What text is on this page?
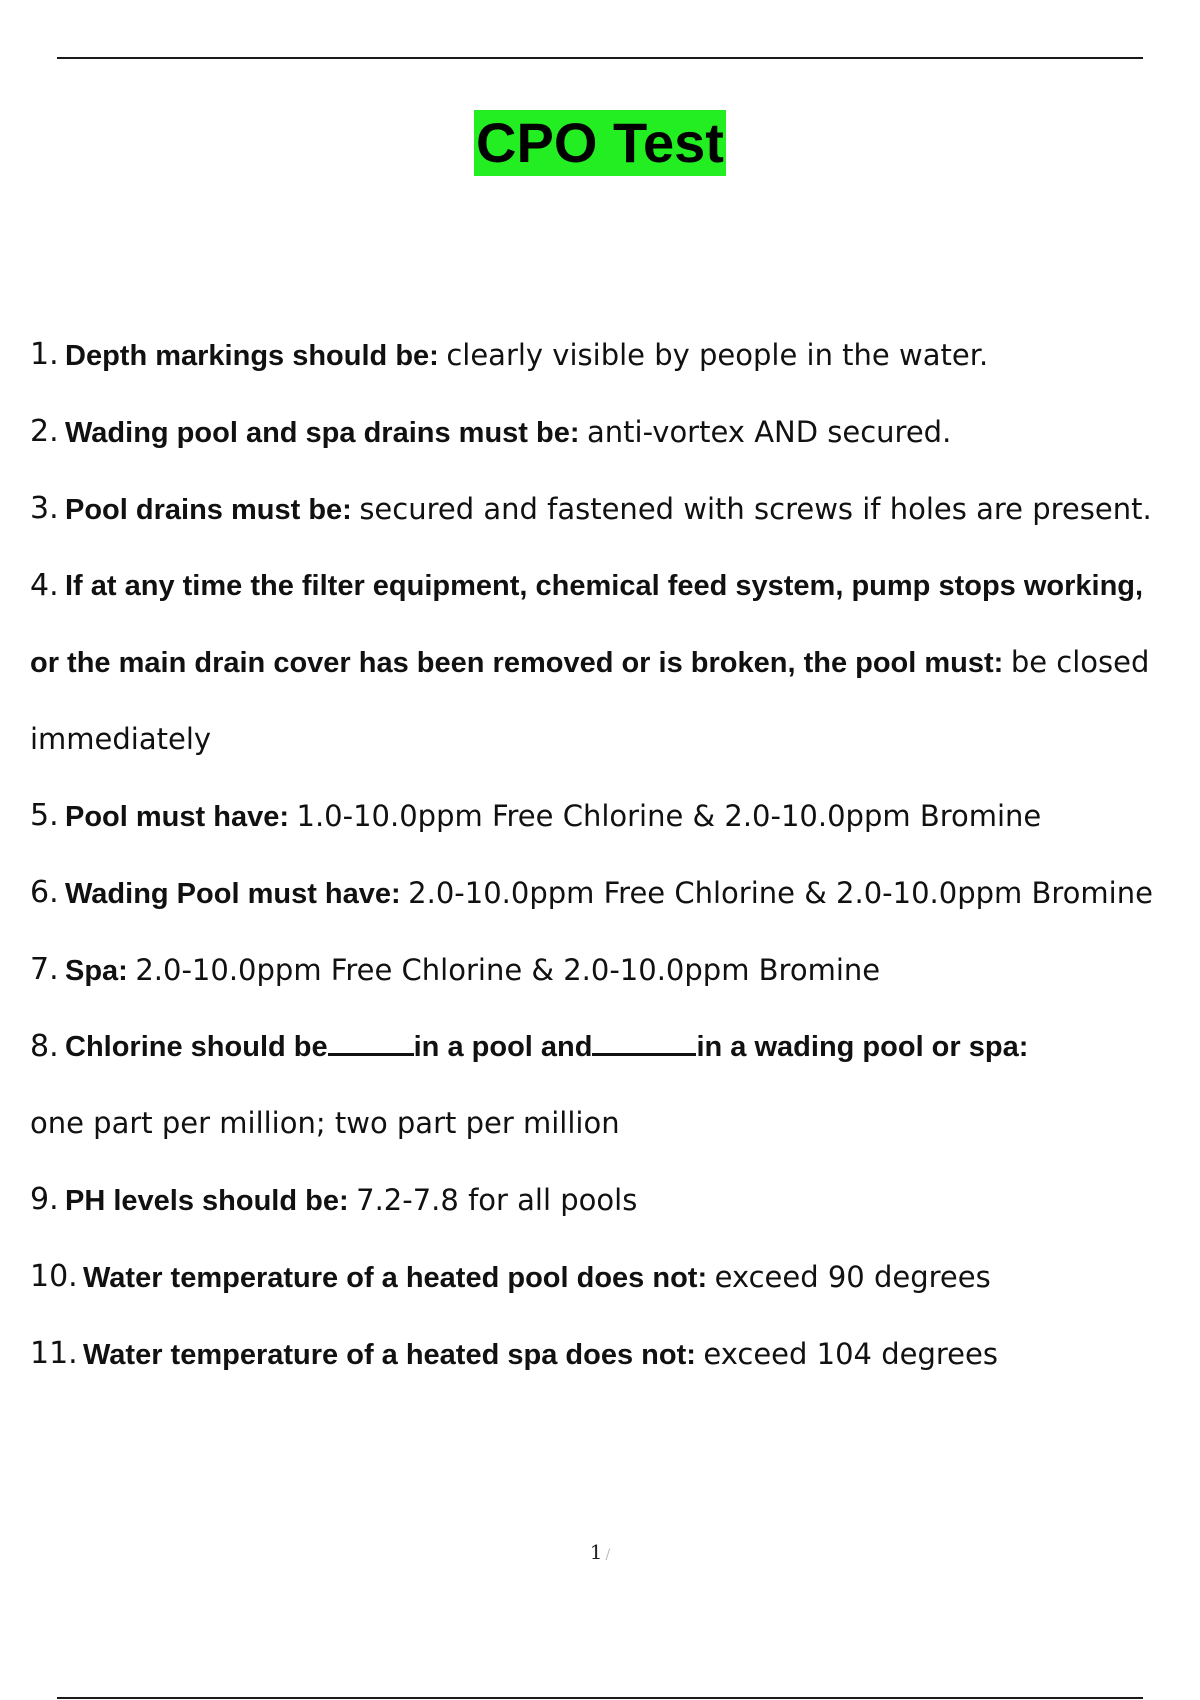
CPO Test
1. Depth markings should be: clearly visible by people in the water.
2. Wading pool and spa drains must be: anti-vortex AND secured.
3. Pool drains must be: secured and fastened with screws if holes are present.
4. If at any time the filter equipment, chemical feed system, pump stops working, or the main drain cover has been removed or is broken, the pool must: be closed immediately
5. Pool must have: 1.0-10.0ppm Free Chlorine & 2.0-10.0ppm Bromine
6. Wading Pool must have: 2.0-10.0ppm Free Chlorine & 2.0-10.0ppm Bromine
7. Spa: 2.0-10.0ppm Free Chlorine & 2.0-10.0ppm Bromine
8. Chlorine should be	in a pool and	in a wading pool or spa:
one part per million; two part per million
9. PH levels should be: 7.2-7.8 for all pools
10. Water temperature of a heated pool does not: exceed 90 degrees
11. Water temperature of a heated spa does not: exceed 104 degrees
1 /
